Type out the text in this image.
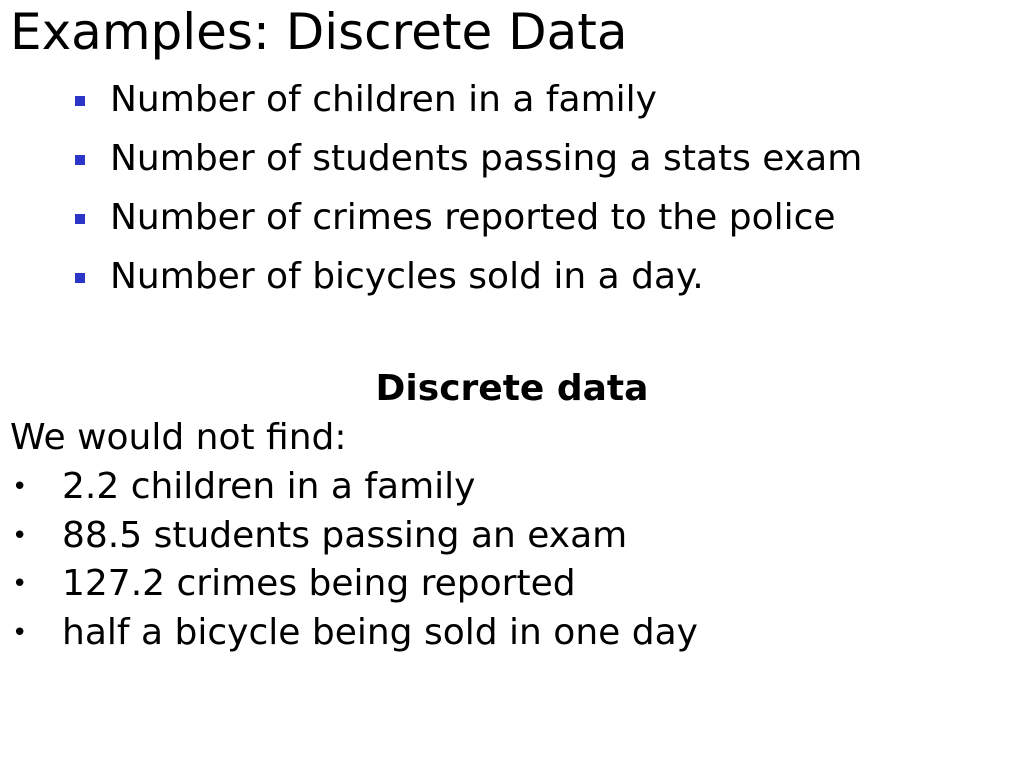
Examples: Discrete Data
Number of children in a family
Number of students passing a stats exam
Number of crimes reported to the police
Number of bicycles sold in a day.
Discrete data

We would not find:

• 2.2 children in a family
• 88.5 students passing an exam
• 127.2 crimes being reported
• half a bicycle being sold in one day
